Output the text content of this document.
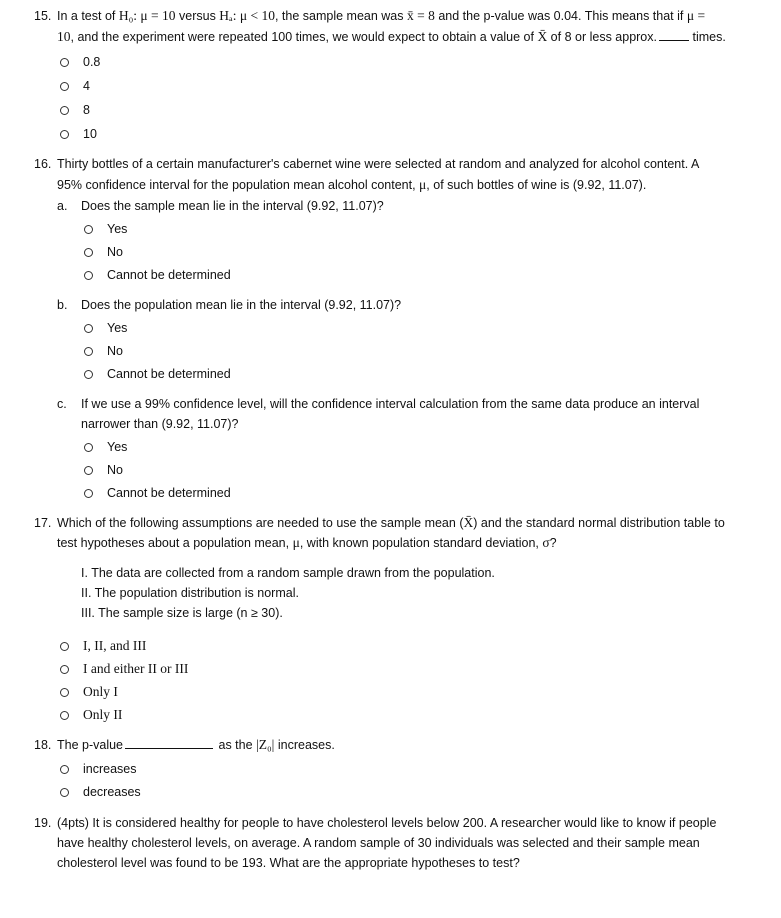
15. In a test of H₀: μ = 10 versus Hₐ: μ < 10, the sample mean was x̄ = 8 and the p-value was 0.04. This means that if μ =
10, and the experiment were repeated 100 times, we would expect to obtain a value of X̄ of 8 or less approx.	times.
0.8
4
8
10
16. Thirty bottles of a certain manufacturer's cabernet wine were selected at random and analyzed for alcohol content. A
95% confidence interval for the population mean alcohol content, μ, of such bottles of wine is (9.92, 11.07).
a. Does the sample mean lie in the interval (9.92, 11.07)?
Yes
No
Cannot be determined
b. Does the population mean lie in the interval (9.92, 11.07)?
Yes
No
Cannot be determined
c. If we use a 99% confidence level, will the confidence interval calculation from the same data produce an interval
narrower than (9.92, 11.07)?
Yes
No
Cannot be determined
17. Which of the following assumptions are needed to use the sample mean (X̄) and the standard normal distribution table to
test hypotheses about a population mean, μ, with known population standard deviation, σ?
I. The data are collected from a random sample drawn from the population.
II. The population distribution is normal.
III. The sample size is large (n ≥ 30).
I, II, and III
I and either II or III
Only I
Only II
18. The p-value	as the |Z₀| increases.
increases
decreases
19. (4pts) It is considered healthy for people to have cholesterol levels below 200. A researcher would like to know if people
have healthy cholesterol levels, on average. A random sample of 30 individuals was selected and their sample mean
cholesterol level was found to be 193. What are the appropriate hypotheses to test?
